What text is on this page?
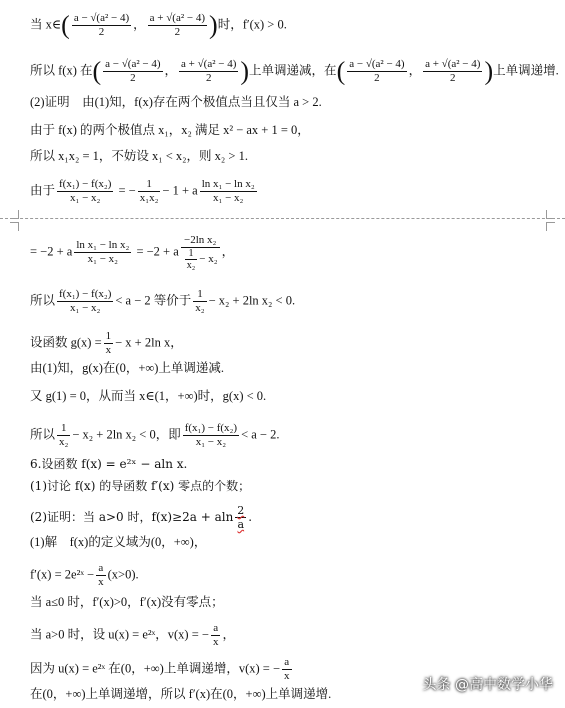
当 x∈( $\frac{\text{a − √(a² − 4)}}{2}$ ， $\frac{\text{a + √(a² − 4)}}{2}$ )时，f′(x) > 0.
所以 f(x) 在( $\frac{\text{a − √(a² − 4)}}{2}$ ， $\frac{\text{a + √(a² − 4)}}{2}$ )上单调递减，在( $\frac{\text{a − √(a² − 4)}}{2}$ ， $\frac{\text{a + √(a² − 4)}}{2}$ )上单调递增.
(2)证明　由(1)知，f(x)存在两个极值点当且仅当 a > 2.
由于 f(x) 的两个极值点 x₁，x₂ 满足 x² − ax + 1 = 0，
所以 x₁x₂ = 1，不妨设 x₁ < x₂，则 x₂ > 1.
由于 $\frac{\text{f(x₁) − f(x₂)}}{\text{x₁ − x₂}}$ = − $\frac{1}{\text{x₁x₂}} - 1 + a \frac{\text{ln x₁ − ln x₂}}{\text{x₁ − x₂}}$
= −2 + a $\frac{\text{ln x₁ − ln x₂}}{\text{x₁ − x₂}} = -2 + a \frac{\text{−2ln x₂}}{\frac{1}{\text{x₂}} - x_2}$ ，
所以 $\frac{\text{f(x₁) − f(x₂)}}{\text{x₁ − x₂}} < a - 2$ 等价于 $\frac{1}{\text{x₂}} - x_2 + 2\ln$ x₂ < 0.
设函数 $g(x) = \frac{1}{x} - x + 2\ln$ x，
由(1)知，g(x)在(0，+∞)上单调递减.
又 g(1) = 0，从而当 x∈(1，+∞)时，g(x) < 0.
所以 $\frac{1}{\text{x₂}} - x_2 + 2\ln$ x₂ < 0，即 $\frac{\text{f(x₁) − f(x₂)}}{\text{x₁ − x₂}} < a - 2$.
6.设函数 f(x) = e²ˣ − aln x.
(1)讨论 f(x) 的导函数 f′(x) 零点的个数；
(2)证明：当 a>0 时，f(x)≥2a + aln $\frac{2}{a}$ .
(1)解　f(x)的定义域为(0，+∞)，
f′(x) = 2e²ˣ − $\frac{a}{x} (x>0)$.
当 a≤0 时，f′(x)>0，f′(x)没有零点；
当 a>0 时，设 u(x) = e²ˣ，v(x) = − $\frac{a}{x}$ ，
因为 u(x) = e²ˣ 在(0，+∞)上单调递增，v(x) = − $\frac{a}{x}$
在(0，+∞)上单调递增，所以 f′(x)在(0，+∞)上单调递增.
头条 @高中数学小华
